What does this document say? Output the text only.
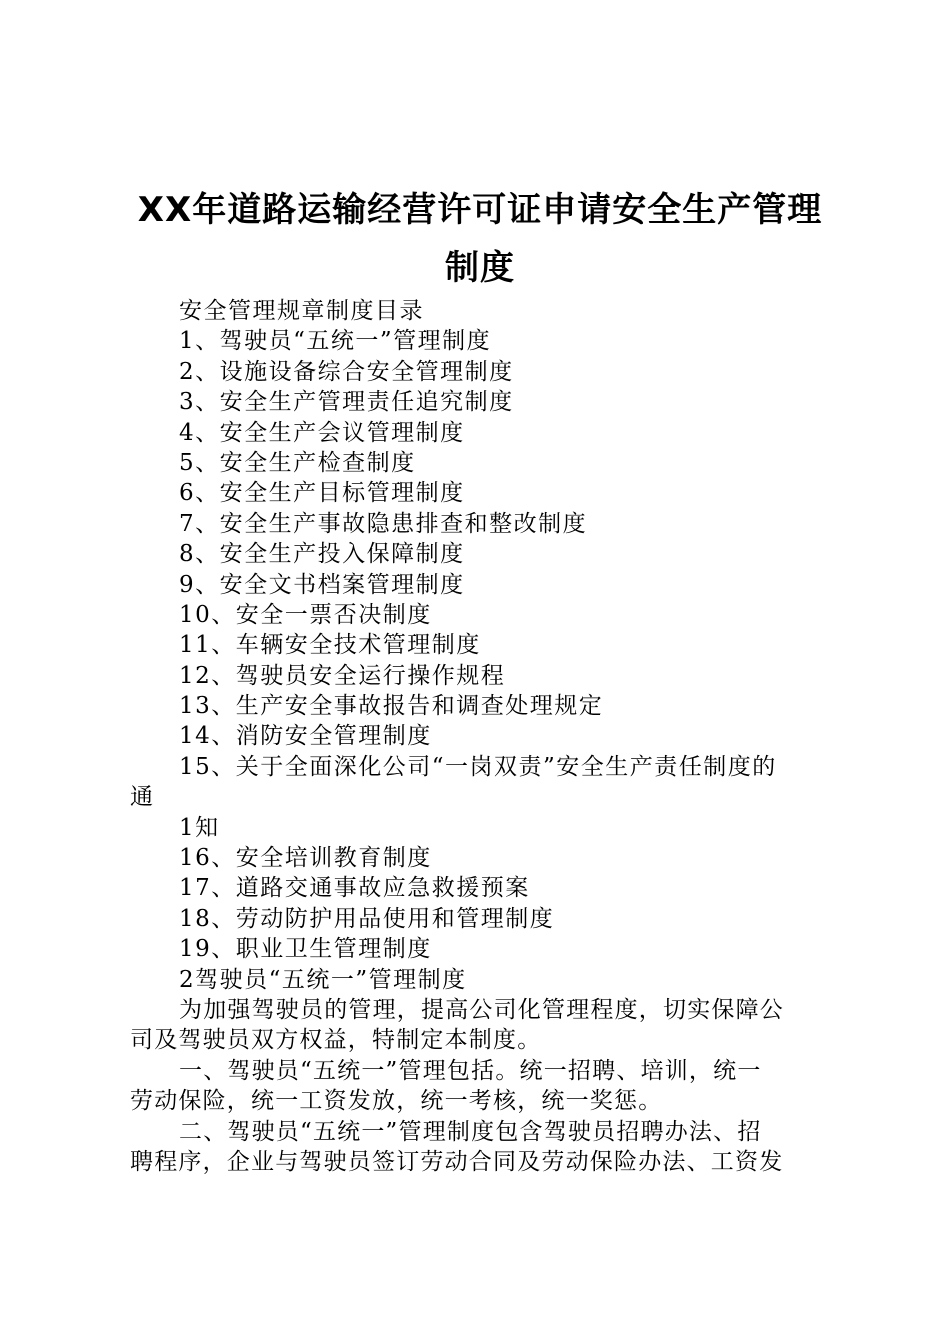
XX年道路运输经营许可证申请安全生产管理
制度
安全管理规章制度目录
1、驾驶员“五统一”管理制度
2、设施设备综合安全管理制度
3、安全生产管理责任追究制度
4、安全生产会议管理制度
5、安全生产检查制度
6、安全生产目标管理制度
7、安全生产事故隐患排查和整改制度
8、安全生产投入保障制度
9、安全文书档案管理制度
10、安全一票否决制度
11、车辆安全技术管理制度
12、驾驶员安全运行操作规程
13、生产安全事故报告和调查处理规定
14、消防安全管理制度
15、关于全面深化公司“一岗双责”安全生产责任制度的
通
1知
16、安全培训教育制度
17、道路交通事故应急救援预案
18、劳动防护用品使用和管理制度
19、职业卫生管理制度
2驾驶员“五统一”管理制度
为加强驾驶员的管理，提高公司化管理程度，切实保障公
司及驾驶员双方权益，特制定本制度。
一、驾驶员“五统一”管理包括。统一招聘、培训，统一
劳动保险，统一工资发放，统一考核，统一奖惩。
二、驾驶员“五统一”管理制度包含驾驶员招聘办法、招
聘程序，企业与驾驶员签订劳动合同及劳动保险办法、工资发
